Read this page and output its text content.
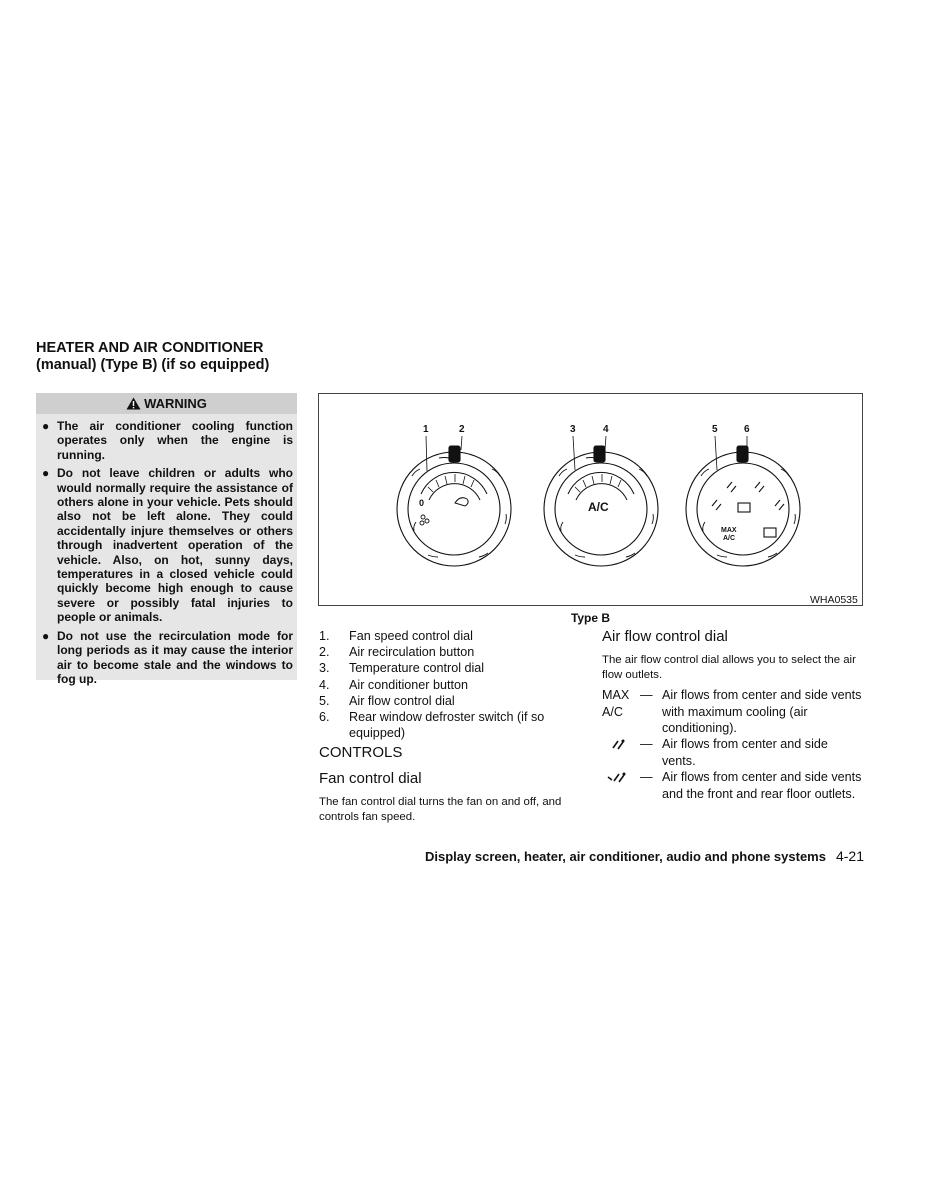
HEATER AND AIR CONDITIONER
(manual) (Type B) (if so equipped)
WARNING
● The air conditioner cooling function operates only when the engine is running.
● Do not leave children or adults who would normally require the assistance of others alone in your vehicle. Pets should also not be left alone. They could accidentally injure themselves or others through inadvertent operation of the vehicle. Also, on hot, sunny days, temperatures in a closed vehicle could quickly become high enough to cause severe or possibly fatal injuries to people or animals.
● Do not use the recirculation mode for long periods as it may cause the interior air to become stale and the windows to fog up.
1	2	3	4	5	6
0	A/C
MAX
A/C
WHA0535
Type B
1.	Fan speed control dial
2.	Air recirculation button
3.	Temperature control dial
4.	Air conditioner button
5.	Air flow control dial
6.	Rear window defroster switch (if so equipped)
CONTROLS
Fan control dial
The fan control dial turns the fan on and off, and controls fan speed.
Air flow control dial
The air flow control dial allows you to select the air flow outlets.
MAX
A/C
— Air flows from center and side vents with maximum cooling (air conditioning).
— Air flows from center and side vents.
— Air flows from center and side vents and the front and rear floor outlets.
Display screen, heater, air conditioner, audio and phone systems 4-21
